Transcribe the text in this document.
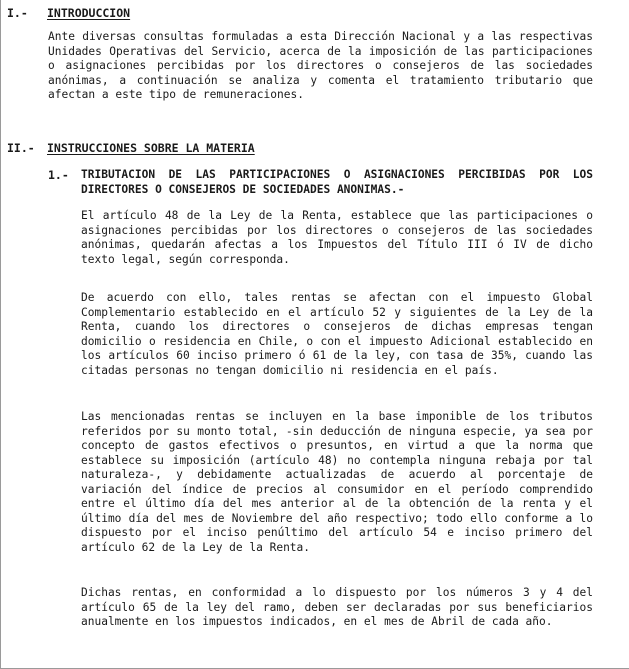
I.- INTRODUCCION

Ante diversas consultas formuladas a esta Dirección Nacional y a las respectivas Unidades Operativas del Servicio, acerca de la imposición de las participaciones o asignaciones percibidas por los directores o consejeros de las sociedades anónimas, a continuación se analiza y comenta el tratamiento tributario que afectan a este tipo de remuneraciones.

II.- INSTRUCCIONES SOBRE LA MATERIA
1.- TRIBUTACION DE LAS PARTICIPACIONES O ASIGNACIONES PERCIBIDAS POR LOS DIRECTORES O CONSEJEROS DE SOCIEDADES ANONIMAS.-

El artículo 48 de la Ley de la Renta, establece que las participaciones o asignaciones percibidas por los directores o consejeros de las sociedades anónimas, quedarán afectas a los Impuestos del Título III ó IV de dicho texto legal, según corresponda.

De acuerdo con ello, tales rentas se afectan con el impuesto Global Complementario establecido en el artículo 52 y siguientes de la Ley de la Renta, cuando los directores o consejeros de dichas empresas tengan domicilio o residencia en Chile, o con el impuesto Adicional establecido en los artículos 60 inciso primero ó 61 de la ley, con tasa de 35%, cuando las citadas personas no tengan domicilio ni residencia en el país.

Las mencionadas rentas se incluyen en la base imponible de los tributos referidos por su monto total, -sin deducción de ninguna especie, ya sea por concepto de gastos efectivos o presuntos, en virtud a que la norma que establece su imposición (artículo 48) no contempla ninguna rebaja por tal naturaleza-, y debidamente actualizadas de acuerdo al porcentaje de variación del índice de precios al consumidor en el período comprendido entre el último día del mes anterior al de la obtención de la renta y el último día del mes de Noviembre del año respectivo; todo ello conforme a lo dispuesto por el inciso penúltimo del artículo 54 e inciso primero del artículo 62 de la Ley de la Renta.

Dichas rentas, en conformidad a lo dispuesto por los números 3 y 4 del artículo 65 de la ley del ramo, deben ser declaradas por sus beneficiarios anualmente en los impuestos indicados, en el mes de Abril de cada año.
